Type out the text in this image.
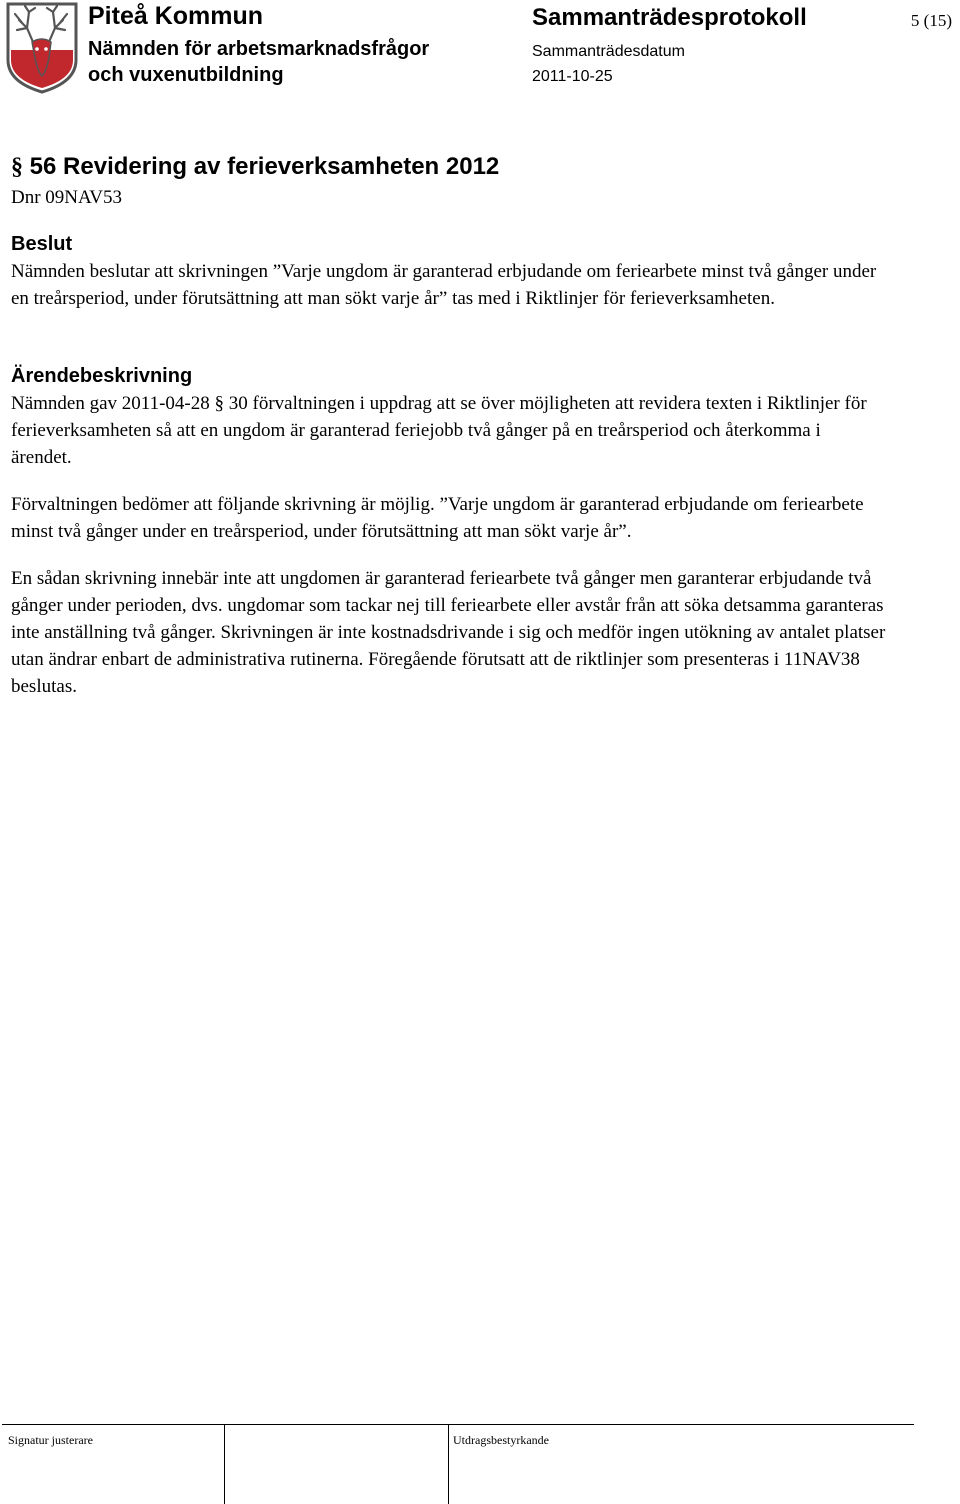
Piteå Kommun
Nämnden för arbetsmarknadsfrågor
och vuxenutbildning
Sammanträdesprotokoll
Sammanträdesdatum
2011-10-25
5 (15)
§ 56 Revidering av ferieverksamheten 2012
Dnr 09NAV53
Beslut

Nämnden beslutar att skrivningen ”Varje ungdom är garanterad erbjudande om feriearbete minst två gånger under en treårsperiod, under förutsättning att man sökt varje år” tas med i Riktlinjer för ferieverksamheten.

Ärendebeskrivning

Nämnden gav 2011-04-28 § 30 förvaltningen i uppdrag att se över möjligheten att revidera texten i Riktlinjer för ferieverksamheten så att en ungdom är garanterad feriejobb två gånger på en treårsperiod och återkomma i ärendet.

Förvaltningen bedömer att följande skrivning är möjlig. ”Varje ungdom är garanterad erbjudande om feriearbete minst två gånger under en treårsperiod, under förutsättning att man sökt varje år”.

En sådan skrivning innebär inte att ungdomen är garanterad feriearbete två gånger men garanterar erbjudande två gånger under perioden, dvs. ungdomar som tackar nej till feriearbete eller avstår från att söka detsamma garanteras inte anställning två gånger. Skrivningen är inte kostnadsdrivande i sig och medför ingen utökning av antalet platser utan ändrar enbart de administrativa rutinerna. Föregående förutsatt att de riktlinjer som presenteras i 11NAV38 beslutas.

Signatur justerare	Utdragsbestyrkande
